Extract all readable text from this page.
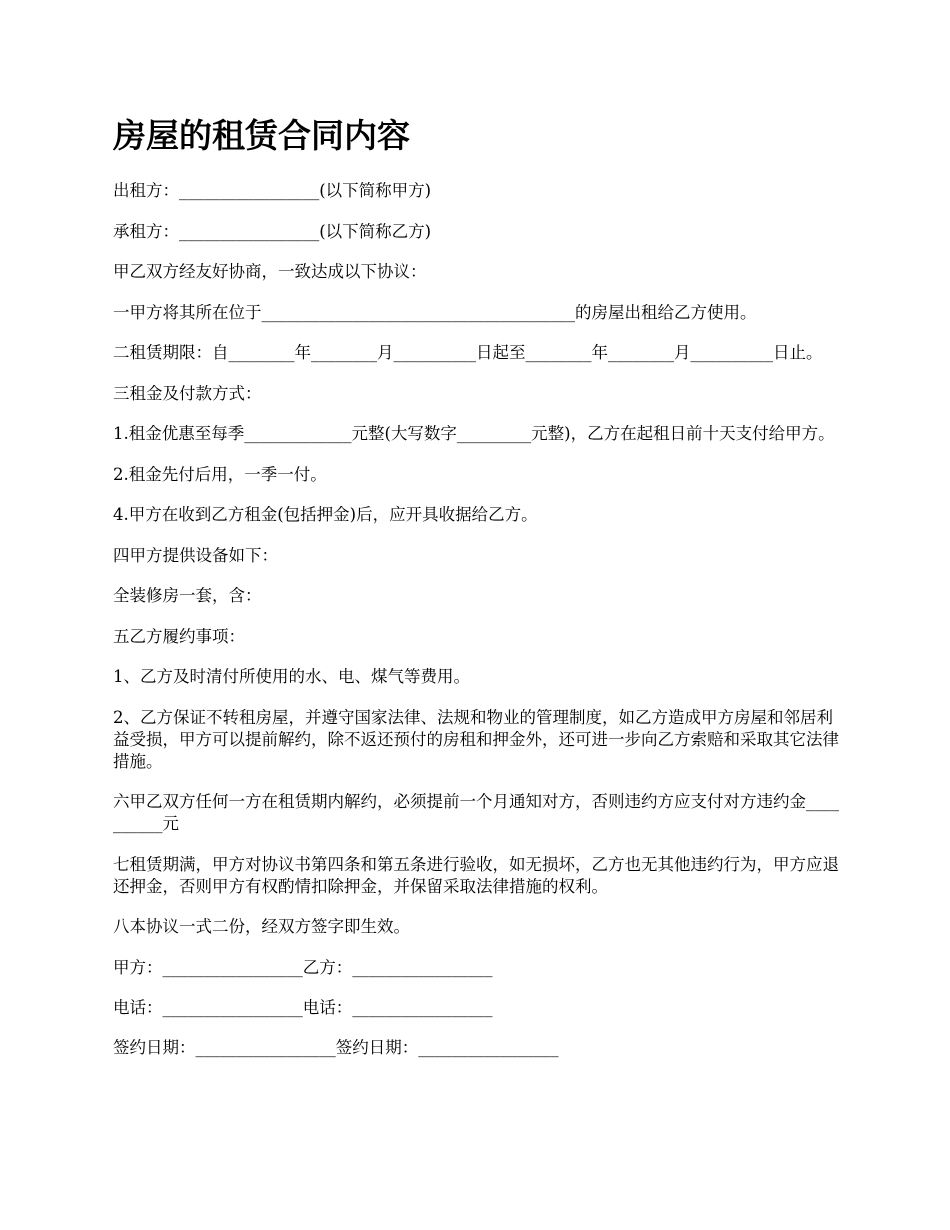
房屋的租赁合同内容

出租方：_________________(以下简称甲方)

承租方：_________________(以下简称乙方)

甲乙双方经友好协商，一致达成以下协议：

一甲方将其所在位于______________________________________的房屋出租给乙方使用。

二租赁期限：自________年________月__________日起至________年________月__________日止。

三租金及付款方式：

1.租金优惠至每季_____________元整(大写数字_________元整)，乙方在起租日前十天支付给甲方。

2.租金先付后用，一季一付。

4.甲方在收到乙方租金(包括押金)后，应开具收据给乙方。

四甲方提供设备如下：

全装修房一套，含：

五乙方履约事项：

1、乙方及时清付所使用的水、电、煤气等费用。

2、乙方保证不转租房屋，并遵守国家法律、法规和物业的管理制度，如乙方造成甲方房屋和邻居利益受损，甲方可以提前解约，除不返还预付的房租和押金外，还可进一步向乙方索赔和采取其它法律措施。

六甲乙双方任何一方在租赁期内解约，必须提前一个月通知对方，否则违约方应支付对方违约金__________元

七租赁期满，甲方对协议书第四条和第五条进行验收，如无损坏，乙方也无其他违约行为，甲方应退还押金，否则甲方有权酌情扣除押金，并保留采取法律措施的权利。

八本协议一式二份，经双方签字即生效。

甲方：_________________乙方：_________________

电话：_________________电话：_________________

签约日期：_________________签约日期：_________________
